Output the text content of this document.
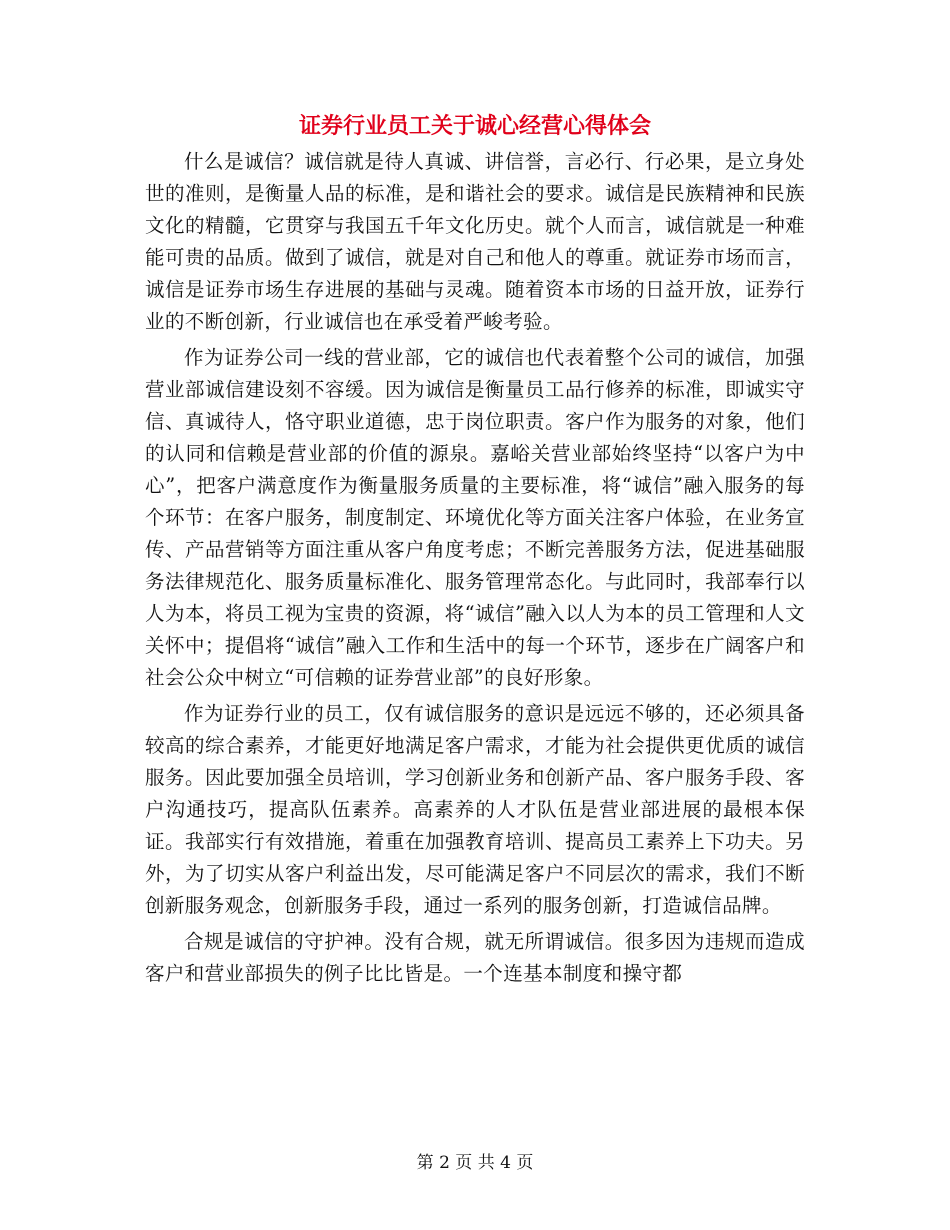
证券行业员工关于诚心经营心得体会

什么是诚信？诚信就是待人真诚、讲信誉，言必行、行必果，是立身处世的准则，是衡量人品的标准，是和谐社会的要求。诚信是民族精神和民族文化的精髓，它贯穿与我国五千年文化历史。就个人而言，诚信就是一种难能可贵的品质。做到了诚信，就是对自己和他人的尊重。就证券市场而言，诚信是证券市场生存进展的基础与灵魂。随着资本市场的日益开放，证券行业的不断创新，行业诚信也在承受着严峻考验。

作为证券公司一线的营业部，它的诚信也代表着整个公司的诚信，加强营业部诚信建设刻不容缓。因为诚信是衡量员工品行修养的标准，即诚实守信、真诚待人，恪守职业道德，忠于岗位职责。客户作为服务的对象，他们的认同和信赖是营业部的价值的源泉。嘉峪关营业部始终坚持“以客户为中心”，把客户满意度作为衡量服务质量的主要标准，将“诚信”融入服务的每个环节：在客户服务，制度制定、环境优化等方面关注客户体验，在业务宣传、产品营销等方面注重从客户角度考虑；不断完善服务方法，促进基础服务法律规范化、服务质量标准化、服务管理常态化。与此同时，我部奉行以人为本，将员工视为宝贵的资源，将“诚信”融入以人为本的员工管理和人文关怀中；提倡将“诚信”融入工作和生活中的每一个环节，逐步在广阔客户和社会公众中树立“可信赖的证券营业部”的良好形象。

作为证券行业的员工，仅有诚信服务的意识是远远不够的，还必须具备较高的综合素养，才能更好地满足客户需求，才能为社会提供更优质的诚信服务。因此要加强全员培训，学习创新业务和创新产品、客户服务手段、客户沟通技巧，提高队伍素养。高素养的人才队伍是营业部进展的最根本保证。我部实行有效措施，着重在加强教育培训、提高员工素养上下功夫。另外，为了切实从客户利益出发，尽可能满足客户不同层次的需求，我们不断创新服务观念，创新服务手段，通过一系列的服务创新，打造诚信品牌。

合规是诚信的守护神。没有合规，就无所谓诚信。很多因为违规而造成客户和营业部损失的例子比比皆是。一个连基本制度和操守都

第 2 页 共 4 页
